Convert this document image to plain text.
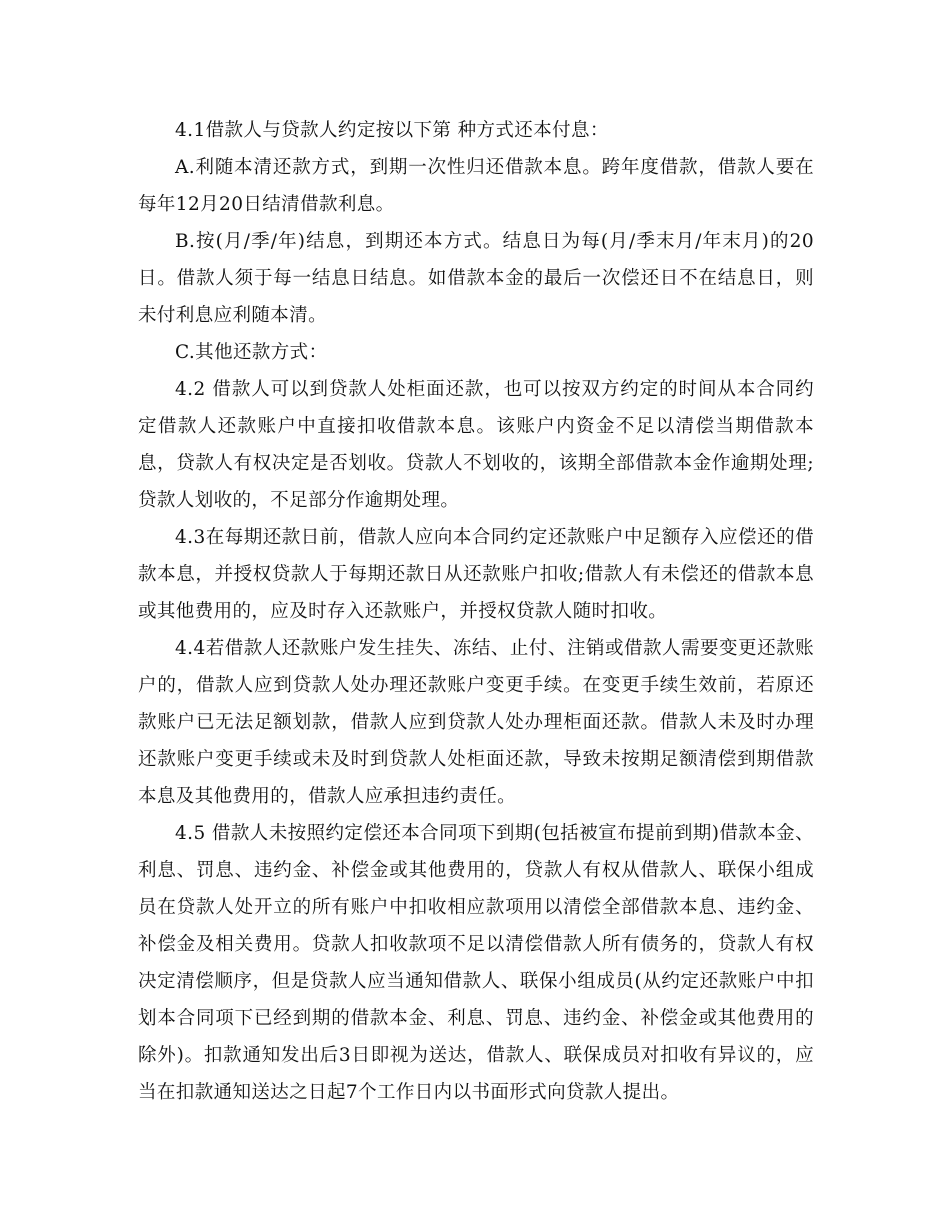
4.1借款人与贷款人约定按以下第 种方式还本付息：

A.利随本清还款方式，到期一次性归还借款本息。跨年度借款，借款人要在每年12月20日结清借款利息。

B.按(月/季/年)结息，到期还本方式。结息日为每(月/季末月/年末月)的20日。借款人须于每一结息日结息。如借款本金的最后一次偿还日不在结息日，则未付利息应利随本清。

C.其他还款方式：

4.2 借款人可以到贷款人处柜面还款，也可以按双方约定的时间从本合同约定借款人还款账户中直接扣收借款本息。该账户内资金不足以清偿当期借款本息，贷款人有权决定是否划收。贷款人不划收的，该期全部借款本金作逾期处理;贷款人划收的，不足部分作逾期处理。

4.3在每期还款日前，借款人应向本合同约定还款账户中足额存入应偿还的借款本息，并授权贷款人于每期还款日从还款账户扣收;借款人有未偿还的借款本息或其他费用的，应及时存入还款账户，并授权贷款人随时扣收。

4.4若借款人还款账户发生挂失、冻结、止付、注销或借款人需要变更还款账户的，借款人应到贷款人处办理还款账户变更手续。在变更手续生效前，若原还款账户已无法足额划款，借款人应到贷款人处办理柜面还款。借款人未及时办理还款账户变更手续或未及时到贷款人处柜面还款，导致未按期足额清偿到期借款本息及其他费用的，借款人应承担违约责任。

4.5 借款人未按照约定偿还本合同项下到期(包括被宣布提前到期)借款本金、利息、罚息、违约金、补偿金或其他费用的，贷款人有权从借款人、联保小组成员在贷款人处开立的所有账户中扣收相应款项用以清偿全部借款本息、违约金、补偿金及相关费用。贷款人扣收款项不足以清偿借款人所有债务的，贷款人有权决定清偿顺序，但是贷款人应当通知借款人、联保小组成员(从约定还款账户中扣划本合同项下已经到期的借款本金、利息、罚息、违约金、补偿金或其他费用的除外)。扣款通知发出后3日即视为送达，借款人、联保成员对扣收有异议的，应当在扣款通知送达之日起7个工作日内以书面形式向贷款人提出。
